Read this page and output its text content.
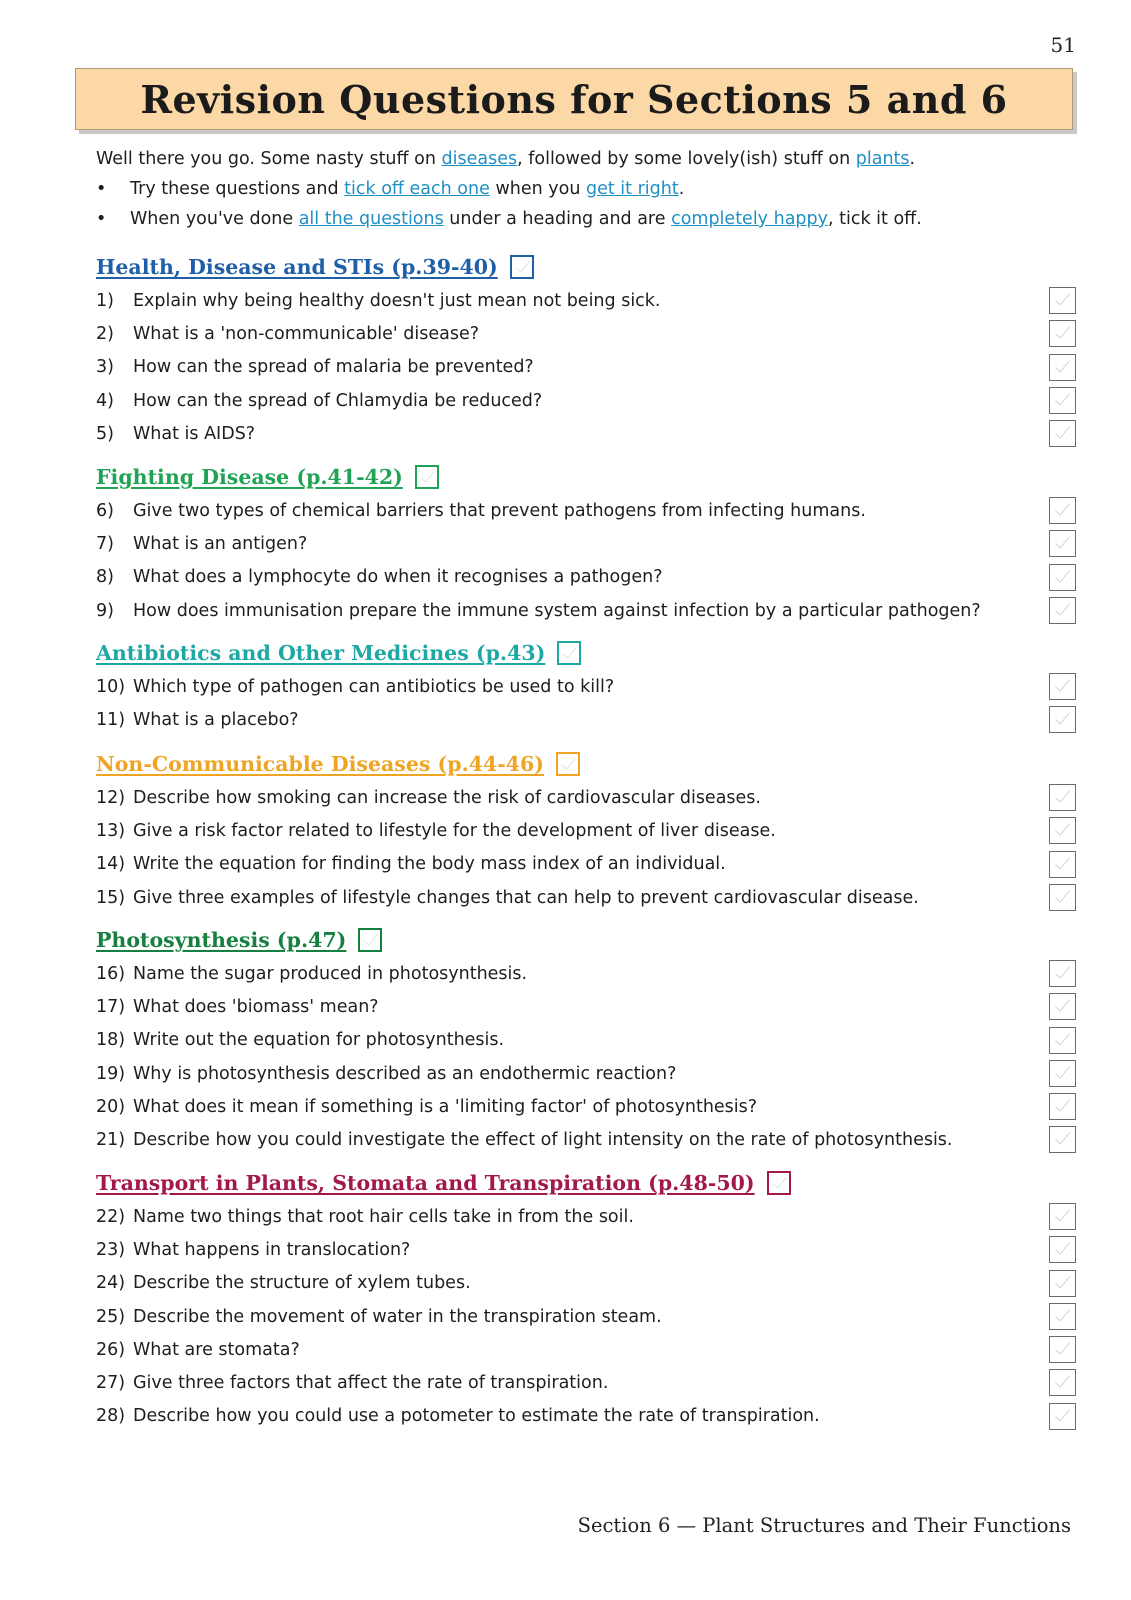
51
Revision Questions for Sections 5 and 6
Well there you go. Some nasty stuff on diseases, followed by some lovely(ish) stuff on plants.
• Try these questions and tick off each one when you get it right.
• When you've done all the questions under a heading and are completely happy, tick it off.
Health, Disease and STIs (p.39-40)
1)	Explain why being healthy doesn't just mean not being sick.
2)	What is a 'non-communicable' disease?
3)	How can the spread of malaria be prevented?
4)	How can the spread of Chlamydia be reduced?
5)	What is AIDS?
Fighting Disease (p.41-42)
6)	Give two types of chemical barriers that prevent pathogens from infecting humans.
7)	What is an antigen?
8)	What does a lymphocyte do when it recognises a pathogen?
9)	How does immunisation prepare the immune system against infection by a particular pathogen?
Antibiotics and Other Medicines (p.43)
10) Which type of pathogen can antibiotics be used to kill?
11) What is a placebo?
Non-Communicable Diseases (p.44-46)
12) Describe how smoking can increase the risk of cardiovascular diseases.
13) Give a risk factor related to lifestyle for the development of liver disease.
14) Write the equation for finding the body mass index of an individual.
15) Give three examples of lifestyle changes that can help to prevent cardiovascular disease.
Photosynthesis (p.47)
16) Name the sugar produced in photosynthesis.
17) What does 'biomass' mean?
18) Write out the equation for photosynthesis.
19) Why is photosynthesis described as an endothermic reaction?
20) What does it mean if something is a 'limiting factor' of photosynthesis?
21) Describe how you could investigate the effect of light intensity on the rate of photosynthesis.
Transport in Plants, Stomata and Transpiration (p.48-50)
22) Name two things that root hair cells take in from the soil.
23) What happens in translocation?
24) Describe the structure of xylem tubes.
25) Describe the movement of water in the transpiration steam.
26) What are stomata?
27) Give three factors that affect the rate of transpiration.
28) Describe how you could use a potometer to estimate the rate of transpiration.
Section 6 — Plant Structures and Their Functions
